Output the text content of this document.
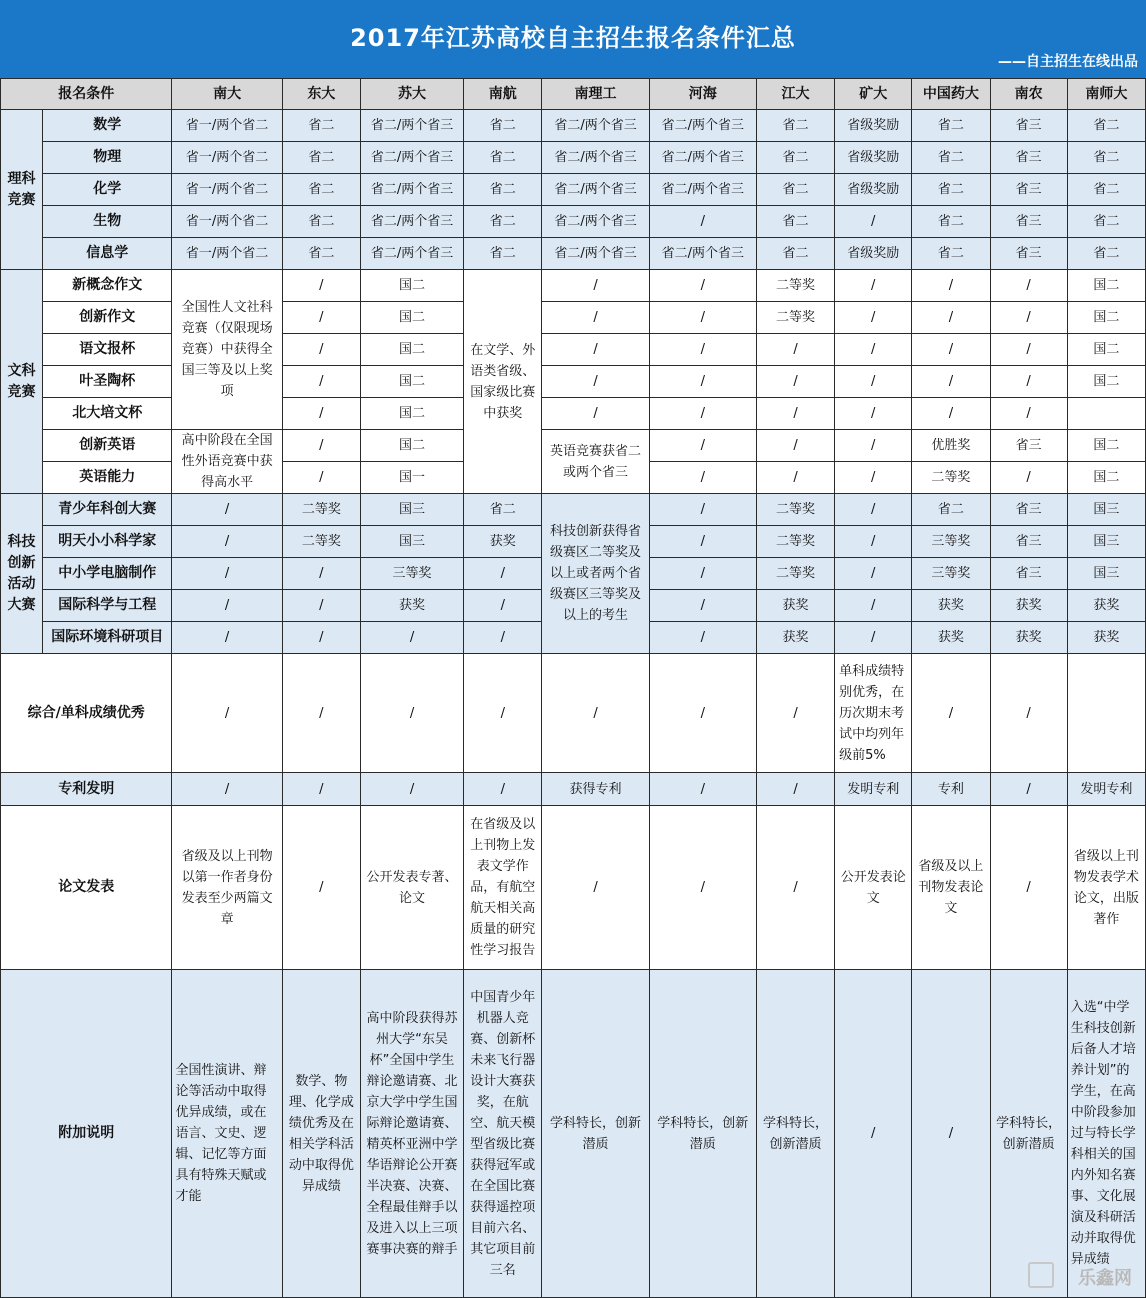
2017年江苏高校自主招生报名条件汇总
——自主招生在线出品
报名条件		南大	东大	苏大	南航	南理工	河海	江大	矿大	中国药大	南农	南师大
理科竞赛	数学	省一/两个省二	省二	省二/两个省三	省二	省二/两个省三	省二/两个省三	省二	省级奖励	省二	省三	省二
	物理	省一/两个省二	省二	省二/两个省三	省二	省二/两个省三	省二/两个省三	省二	省级奖励	省二	省三	省二
	化学	省一/两个省二	省二	省二/两个省三	省二	省二/两个省三	省二/两个省三	省二	省级奖励	省二	省三	省二
	生物	省一/两个省二	省二	省二/两个省三	省二	省二/两个省三	/	省二	/	省二	省三	省二
	信息学	省一/两个省二	省二	省二/两个省三	省二	省二/两个省三	省二/两个省三	省二	省级奖励	省二	省三	省二
文科竞赛	新概念作文	全国性人文社科竞赛（仅限现场竞赛）中获得全国三等及以上奖项	/	国二	在文学、外语类省级、国家级比赛中获奖	/	/	二等奖	/	/	/	国二
	创新作文		/	国二		/	/	二等奖	/	/	/	国二
	语文报杯		/	国二		/	/	/	/	/	/	国二
	叶圣陶杯		/	国二		/	/	/	/	/	/	国二
	北大培文杯		/	国二		/	/	/	/	/	/	
	创新英语	高中阶段在全国性外语竞赛中获得高水平	/	国二		英语竞赛获省二或两个省三	/	/	/	优胜奖	省三	国二
	英语能力		/	国一			/	/	/	二等奖	/	国二
科技创新活动大赛	青少年科创大赛	/	二等奖	国三	省二	科技创新获得省级赛区二等奖及以上或者两个省级赛区三等奖及以上的考生	/	二等奖	/	省二	省三	国三
	明天小小科学家	/	二等奖	国三	获奖		/	二等奖	/	三等奖	省三	国三
	中小学电脑制作	/	/	三等奖	/		/	二等奖	/	三等奖	省三	国三
	国际科学与工程	/	/	获奖	/		/	获奖	/	获奖	获奖	获奖
	国际环境科研项目	/	/	/	/		/	获奖	/	获奖	获奖	获奖
综合/单科成绩优秀		/	/	/	/	/	/	/	单科成绩特别优秀，在历次期末考试中均列年级前5%	/	/	
专利发明		/	/	/	/	获得专利	/	/	发明专利	专利	/	发明专利
论文发表		省级及以上刊物以第一作者身份发表至少两篇文章	/	公开发表专著、论文	在省级及以上刊物上发表文学作品，有航空航天相关高质量的研究性学习报告	/	/	/	公开发表论文	省级及以上刊物发表论文	/	省级以上刊物发表学术论文，出版著作
附加说明		全国性演讲、辩论等活动中取得优异成绩，或在语言、文史、逻辑、记忆等方面具有特殊天赋或才能	数学、物理、化学成绩优秀及在相关学科活动中取得优异成绩	高中阶段获得苏州大学“东吴杯”全国中学生辩论邀请赛、北京大学中学生国际辩论邀请赛、精英杯亚洲中学华语辩论公开赛半决赛、决赛、全程最佳辩手以及进入以上三项赛事决赛的辩手	中国青少年机器人竞赛、创新杯未来飞行器设计大赛获奖，在航空、航天模型省级比赛获得冠军或在全国比赛获得遥控项目前六名、其它项目前三名	学科特长，创新潜质	学科特长，创新潜质	学科特长，创新潜质	/	/	学科特长，创新潜质	入选“中学生科技创新后备人才培养计划”的学生，在高中阶段参加过与特长学科相关的国内外知名赛事、文化展演及科研活动并取得优异成绩
乐鑫网
